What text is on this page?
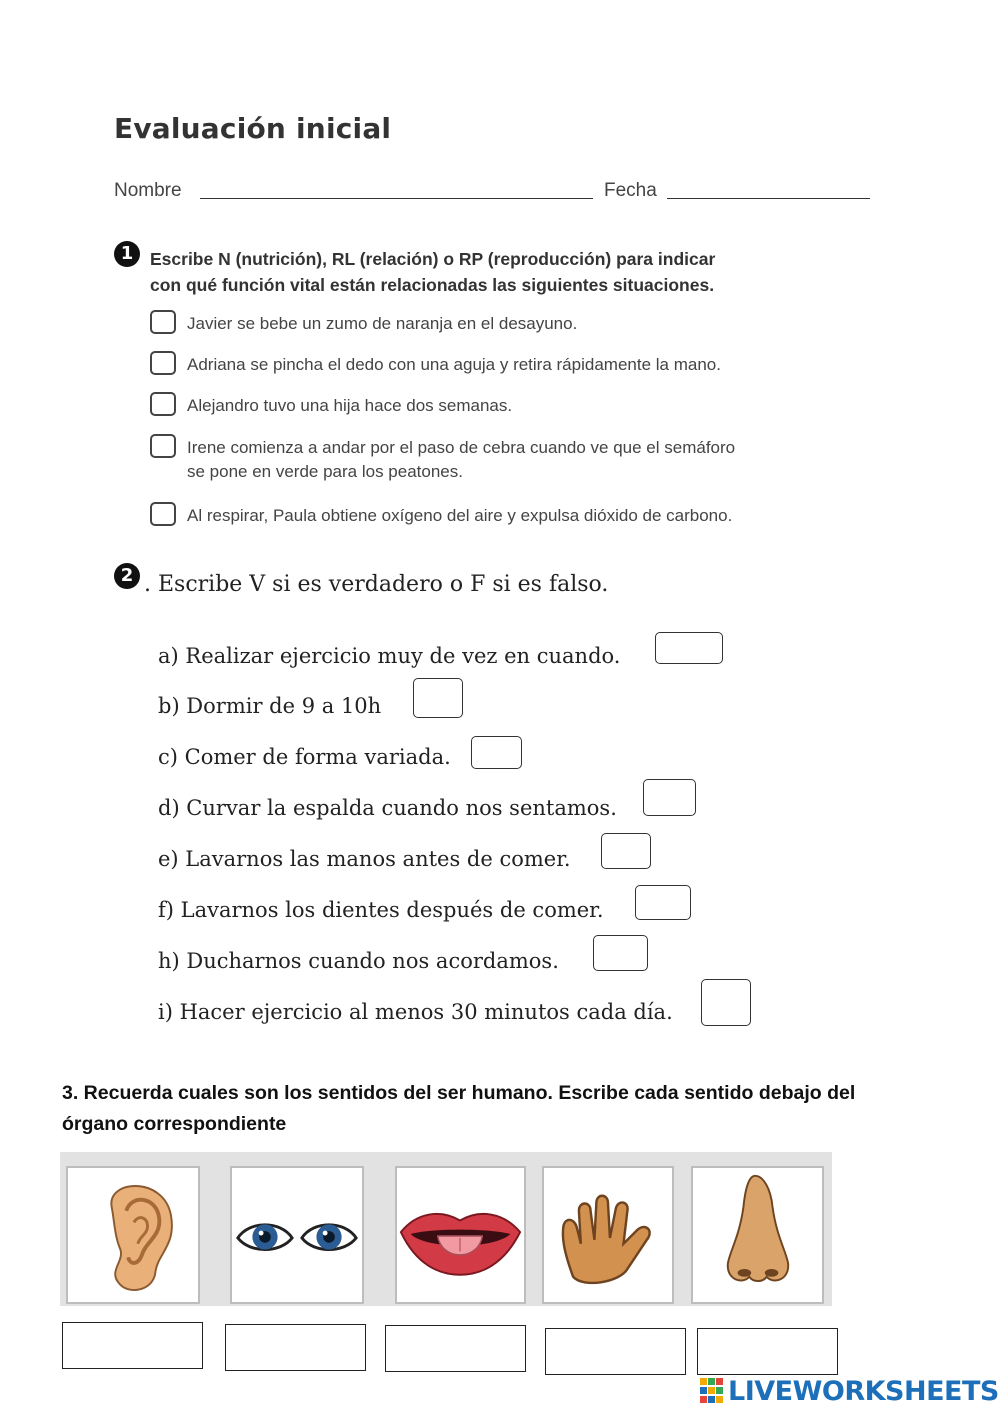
Evaluación inicial
Nombre	Fecha
1 Escribe N (nutrición), RL (relación) o RP (reproducción) para indicar
con qué función vital están relacionadas las siguientes situaciones.
Javier se bebe un zumo de naranja en el desayuno.
Adriana se pincha el dedo con una aguja y retira rápidamente la mano.
Alejandro tuvo una hija hace dos semanas.
Irene comienza a andar por el paso de cebra cuando ve que el semáforo
se pone en verde para los peatones.
Al respirar, Paula obtiene oxígeno del aire y expulsa dióxido de carbono.
2 . Escribe V si es verdadero o F si es falso.
a) Realizar ejercicio muy de vez en cuando.
b) Dormir de 9 a 10h
c) Comer de forma variada.
d) Curvar la espalda cuando nos sentamos.
e) Lavarnos las manos antes de comer.
f) Lavarnos los dientes después de comer.
h) Ducharnos cuando nos acordamos.
i) Hacer ejercicio al menos 30 minutos cada día.
3. Recuerda cuales son los sentidos del ser humano. Escribe cada sentido debajo del
órgano correspondiente
LIVEWORKSHEETS
